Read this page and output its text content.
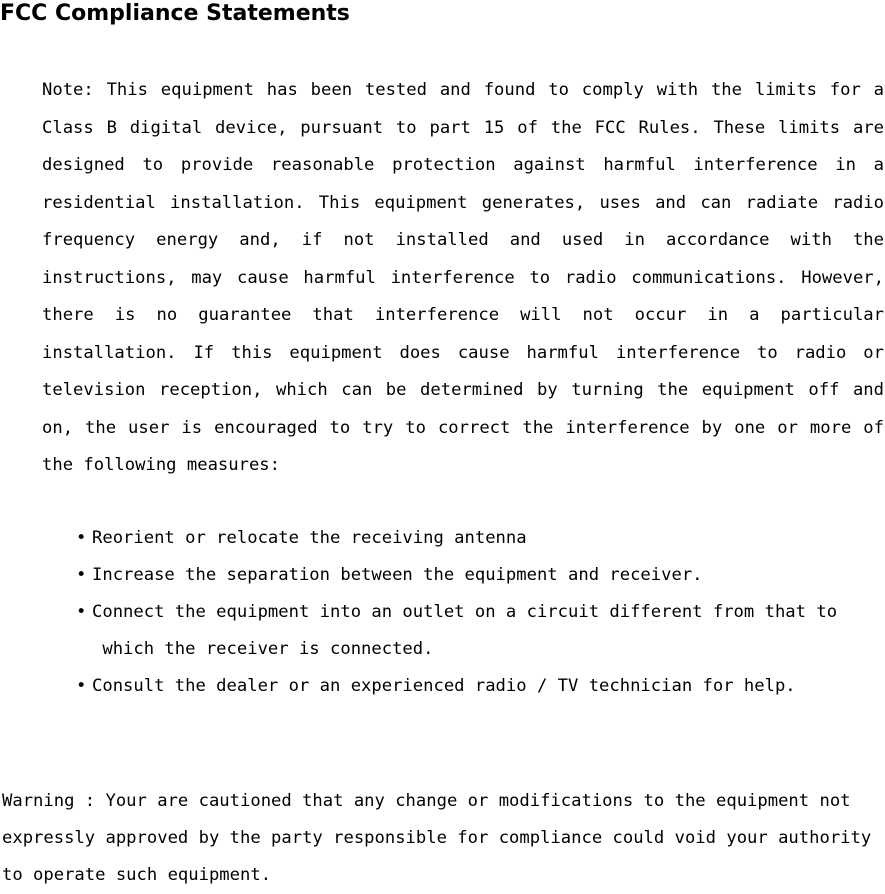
FCC Compliance Statements
Note: This equipment has been tested and found to comply with the limits for a Class B digital device, pursuant to part 15 of the FCC Rules. These limits are designed to provide reasonable protection against harmful interference in a residential installation. This equipment generates, uses and can radiate radio frequency energy and, if not installed and used in accordance with the instructions, may cause harmful interference to radio communications. However, there is no guarantee that interference will not occur in a particular installation. If this equipment does cause harmful interference to radio or television reception, which can be determined by turning the equipment off and on, the user is encouraged to try to correct the interference by one or more of the following measures:
• Reorient or relocate the receiving antenna
• Increase the separation between the equipment and receiver.
• Connect the equipment into an outlet on a circuit different from that to
which the receiver is connected.
• Consult the dealer or an experienced radio / TV technician for help.
Warning : Your are cautioned that any change or modifications to the equipment not expressly approved by the party responsible for compliance could void your authority to operate such equipment.
